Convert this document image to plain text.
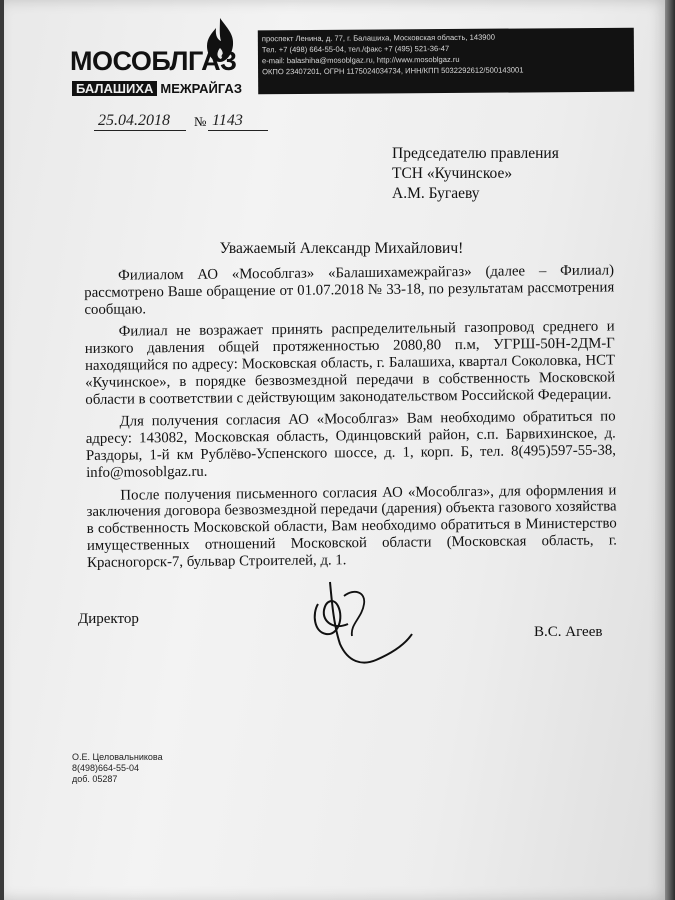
МОСОБЛГАЗ
БАЛАШИХА МЕЖРАЙГАЗ
проспект Ленина, д. 77, г. Балашиха, Московская область, 143900
Тел. +7 (498) 664-55-04, тел./факс +7 (495) 521-36-47
e-mail: balashiha@mosoblgaz.ru, http://www.mosoblgaz.ru
ОКПО 23407201, ОГРН 1175024034734, ИНН/КПП 5032292612/500143001
25.04.2018	№ 1143
Председателю правления
ТСН «Кучинское»
А.М. Бугаеву
Уважаемый Александр Михайлович!

Филиалом АО «Мособлгаз» «Балашихамежрайгаз» (далее – Филиал) рассмотрено Ваше обращение от 01.07.2018 № 33-18, по результатам рассмотрения сообщаю.

Филиал не возражает принять распределительный газопровод среднего и низкого давления общей протяженностью 2080,80 п.м, УГРШ-50Н-2ДМ-Г находящийся по адресу: Московская область, г. Балашиха, квартал Соколовка, НСТ «Кучинское», в порядке безвозмездной передачи в собственность Московской области в соответствии с действующим законодательством Российской Федерации.

Для получения согласия АО «Мособлгаз» Вам необходимо обратиться по адресу: 143082, Московская область, Одинцовский район, с.п. Барвихинское, д. Раздоры, 1-й км Рублёво-Успенского шоссе, д. 1, корп. Б, тел. 8(495)597-55-38, info@mosoblgaz.ru.

После получения письменного согласия АО «Мособлгаз», для оформления и заключения договора безвозмездной передачи (дарения) объекта газового хозяйства в собственность Московской области, Вам необходимо обратиться в Министерство имущественных отношений Московской области (Московская область, г. Красногорск-7, бульвар Строителей, д. 1.

Директор
В.С. Агеев
О.Е. Целовальникова
8(498)664-55-04
доб. 05287
